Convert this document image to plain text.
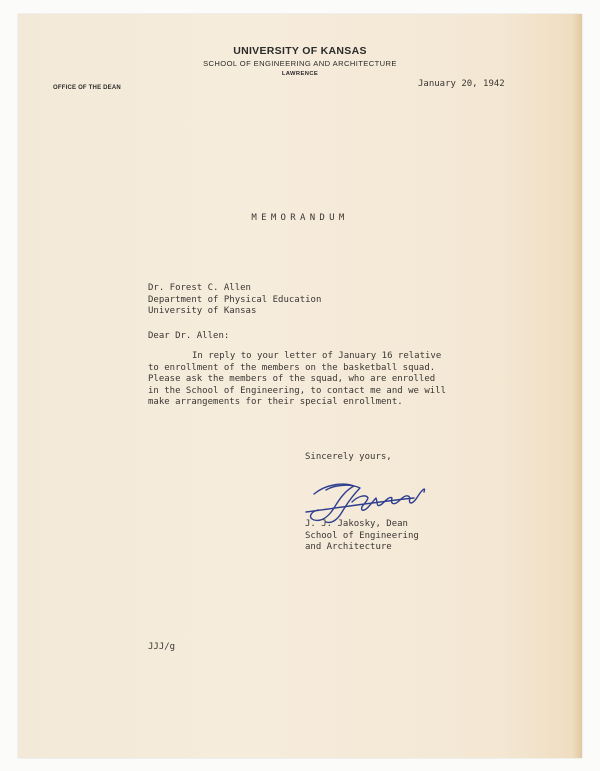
UNIVERSITY OF KANSAS
SCHOOL OF ENGINEERING AND ARCHITECTURE
LAWRENCE
OFFICE OF THE DEAN	January 20, 1942
MEMORANDUM
Dr. Forest C. Allen
Department of Physical Education
University of Kansas
Dear Dr. Allen:
In reply to your letter of January 16 relative
to enrollment of the members on the basketball squad.
Please ask the members of the squad, who are enrolled
in the School of Engineering, to contact me and we will
make arrangements for their special enrollment.
Sincerely yours,
J. J. Jakosky, Dean
School of Engineering
and Architecture
JJJ/g
